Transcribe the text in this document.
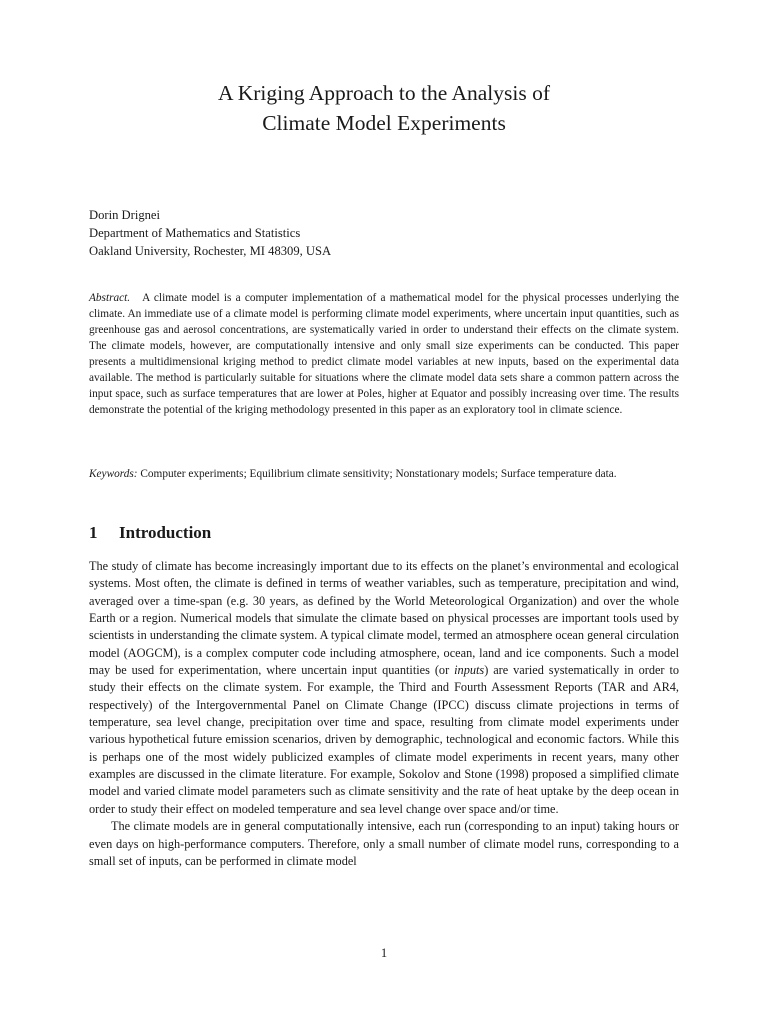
A Kriging Approach to the Analysis of
Climate Model Experiments
Dorin Drignei
Department of Mathematics and Statistics
Oakland University, Rochester, MI 48309, USA

Abstract. A climate model is a computer implementation of a mathematical model for the physical processes underlying the climate. An immediate use of a climate model is performing climate model experiments, where uncertain input quantities, such as greenhouse gas and aerosol concentrations, are systematically varied in order to understand their effects on the climate system. The climate models, however, are computationally intensive and only small size experiments can be conducted. This paper presents a multidimensional kriging method to predict climate model variables at new inputs, based on the experimental data available. The method is particularly suitable for situations where the climate model data sets share a common pattern across the input space, such as surface temperatures that are lower at Poles, higher at Equator and possibly increasing over time. The results demonstrate the potential of the kriging methodology presented in this paper as an exploratory tool in climate science.

Keywords: Computer experiments; Equilibrium climate sensitivity; Nonstationary models; Surface temperature data.

1 Introduction

The study of climate has become increasingly important due to its effects on the planet’s environmental and ecological systems. Most often, the climate is defined in terms of weather variables, such as temperature, precipitation and wind, averaged over a time-span (e.g. 30 years, as defined by the World Meteorological Organization) and over the whole Earth or a region. Numerical models that simulate the climate based on physical processes are important tools used by scientists in understanding the climate system. A typical climate model, termed an atmosphere ocean general circulation model (AOGCM), is a complex computer code including atmosphere, ocean, land and ice components. Such a model may be used for experimentation, where uncertain input quantities (or inputs) are varied systematically in order to study their effects on the climate system. For example, the Third and Fourth Assessment Reports (TAR and AR4, respectively) of the Intergovernmental Panel on Climate Change (IPCC) discuss climate projections in terms of temperature, sea level change, precipitation over time and space, resulting from climate model experiments under various hypothetical future emission scenarios, driven by demographic, technological and economic factors. While this is perhaps one of the most widely publicized examples of climate model experiments in recent years, many other examples are discussed in the climate literature. For example, Sokolov and Stone (1998) proposed a simplified climate model and varied climate model parameters such as climate sensitivity and the rate of heat uptake by the deep ocean in order to study their effect on modeled temperature and sea level change over space and/or time.

The climate models are in general computationally intensive, each run (corresponding to an input) taking hours or even days on high-performance computers. Therefore, only a small number of climate model runs, corresponding to a small set of inputs, can be performed in climate model

1
